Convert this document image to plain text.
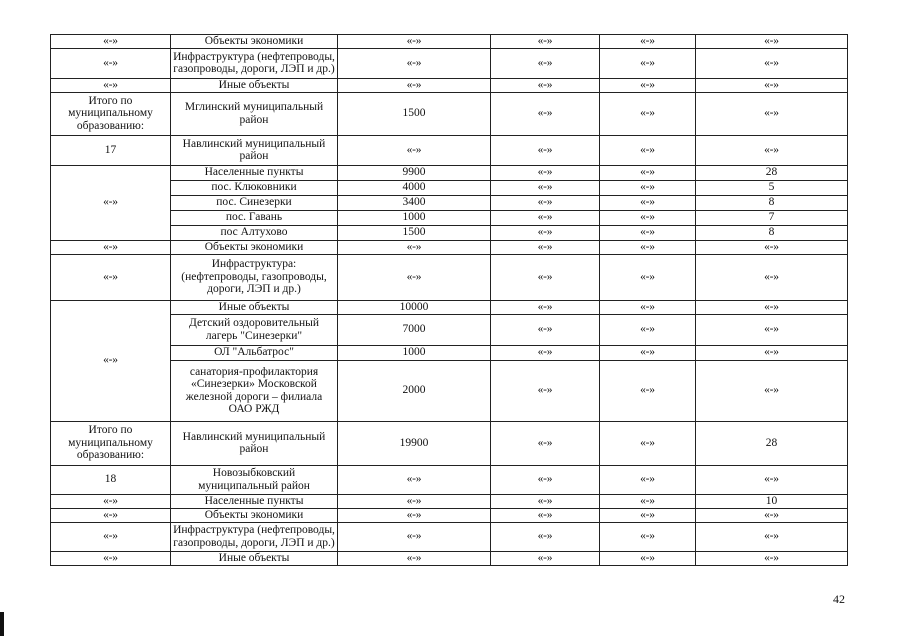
«-»	Объекты экономики	«-»	«-»	«-»	«-»
«-»	Инфраструктура (нефтепроводы, газопроводы, дороги, ЛЭП и др.)	«-»	«-»	«-»	«-»
«-»	Иные объекты	«-»	«-»	«-»	«-»
Итого по муниципальному образованию:	Мглинский муниципальный район	1500	«-»	«-»	«-»
17	Навлинский муниципальный район	«-»	«-»	«-»	«-»
«-»	Населенные пункты	9900	«-»	«-»	28
	пос. Клюковники	4000	«-»	«-»	5
	пос. Синезерки	3400	«-»	«-»	8
	пос. Гавань	1000	«-»	«-»	7
	пос Алтухово	1500	«-»	«-»	8
«-»	Объекты экономики	«-»	«-»	«-»	«-»
«-»	Инфраструктура: (нефтепроводы, газопроводы, дороги, ЛЭП и др.)	«-»	«-»	«-»	«-»
«-»	Иные объекты	10000	«-»	«-»	«-»
	Детский оздоровительный лагерь "Синезерки"	7000	«-»	«-»	«-»
	ОЛ "Альбатрос"	1000	«-»	«-»	«-»
	санатория-профилактория «Синезерки» Московской железной дороги – филиала ОАО РЖД	2000	«-»	«-»	«-»
Итого по муниципальному образованию:	Навлинский муниципальный район	19900	«-»	«-»	28
18	Новозыбковский муниципальный район	«-»	«-»	«-»	«-»
«-»	Населенные пункты	«-»	«-»	«-»	10
«-»	Объекты экономики	«-»	«-»	«-»	«-»
«-»	Инфраструктура (нефтепроводы, газопроводы, дороги, ЛЭП и др.)	«-»	«-»	«-»	«-»
«-»	Иные объекты	«-»	«-»	«-»	«-»
42
